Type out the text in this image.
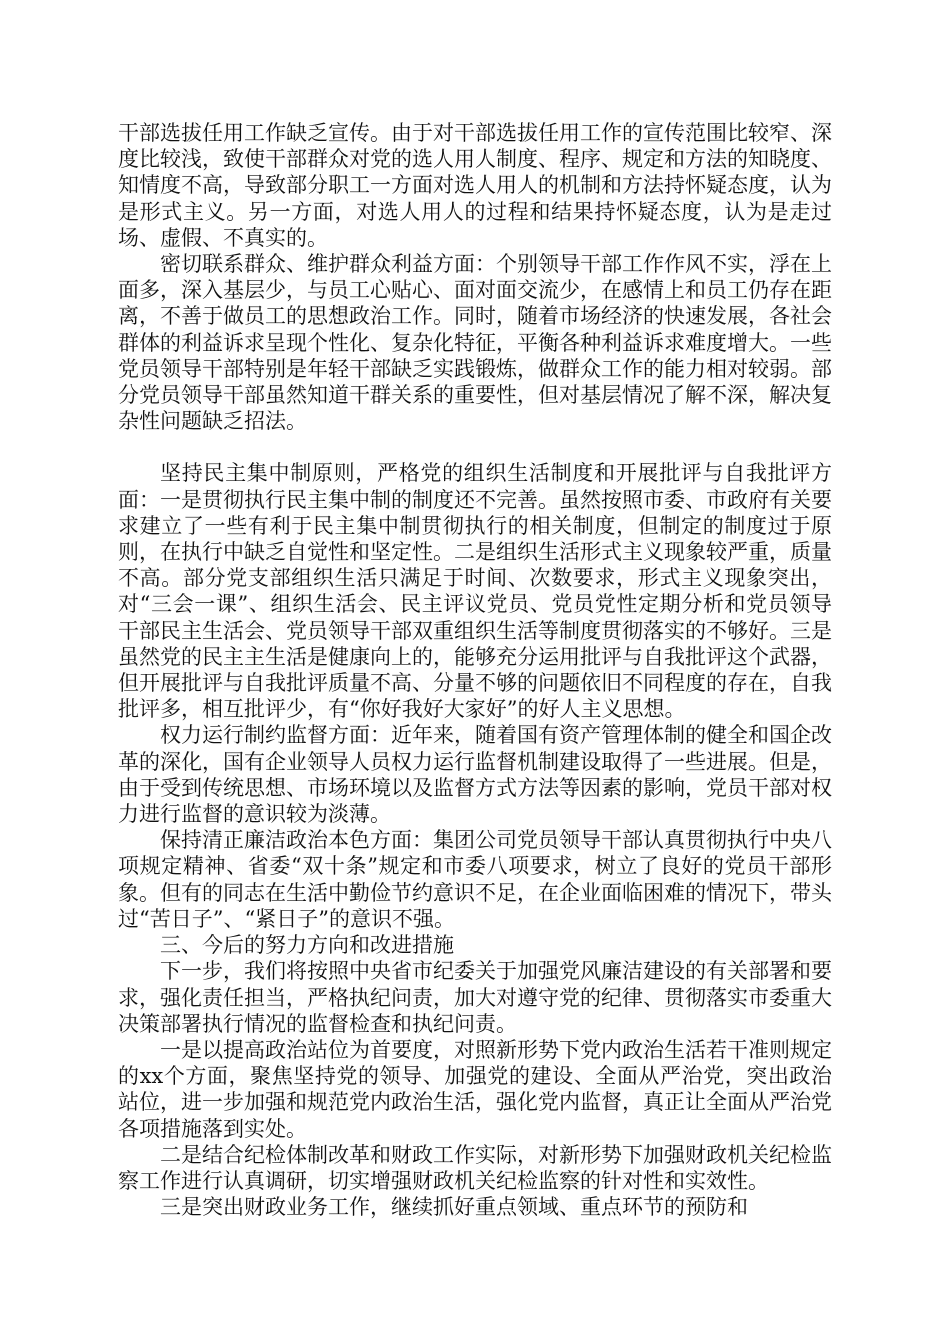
干部选拔任用工作缺乏宣传。由于对干部选拔任用工作的宣传范围比较窄、深度比较浅，致使干部群众对党的选人用人制度、程序、规定和方法的知晓度、知情度不高，导致部分职工一方面对选人用人的机制和方法持怀疑态度，认为是形式主义。另一方面，对选人用人的过程和结果持怀疑态度，认为是走过场、虚假、不真实的。

密切联系群众、维护群众利益方面：个别领导干部工作作风不实，浮在上面多，深入基层少，与员工心贴心、面对面交流少，在感情上和员工仍存在距离，不善于做员工的思想政治工作。同时，随着市场经济的快速发展，各社会群体的利益诉求呈现个性化、复杂化特征，平衡各种利益诉求难度增大。一些党员领导干部特别是年轻干部缺乏实践锻炼，做群众工作的能力相对较弱。部分党员领导干部虽然知道干群关系的重要性，但对基层情况了解不深，解决复杂性问题缺乏招法。

坚持民主集中制原则，严格党的组织生活制度和开展批评与自我批评方面：一是贯彻执行民主集中制的制度还不完善。虽然按照市委、市政府有关要求建立了一些有利于民主集中制贯彻执行的相关制度，但制定的制度过于原则，在执行中缺乏自觉性和坚定性。二是组织生活形式主义现象较严重，质量不高。部分党支部组织生活只满足于时间、次数要求，形式主义现象突出，对“三会一课”、组织生活会、民主评议党员、党员党性定期分析和党员领导干部民主生活会、党员领导干部双重组织生活等制度贯彻落实的不够好。三是虽然党的民主主生活是健康向上的，能够充分运用批评与自我批评这个武器，但开展批评与自我批评质量不高、分量不够的问题依旧不同程度的存在，自我批评多，相互批评少，有“你好我好大家好”的好人主义思想。

权力运行制约监督方面：近年来，随着国有资产管理体制的健全和国企改革的深化，国有企业领导人员权力运行监督机制建设取得了一些进展。但是，由于受到传统思想、市场环境以及监督方式方法等因素的影响，党员干部对权力进行监督的意识较为淡薄。

保持清正廉洁政治本色方面：集团公司党员领导干部认真贯彻执行中央八项规定精神、省委“双十条”规定和市委八项要求，树立了良好的党员干部形象。但有的同志在生活中勤俭节约意识不足，在企业面临困难的情况下，带头过“苦日子”、“紧日子”的意识不强。

三、今后的努力方向和改进措施

下一步，我们将按照中央省市纪委关于加强党风廉洁建设的有关部署和要求，强化责任担当，严格执纪问责，加大对遵守党的纪律、贯彻落实市委重大决策部署执行情况的监督检查和执纪问责。

一是以提高政治站位为首要度，对照新形势下党内政治生活若干准则规定的xx个方面，聚焦坚持党的领导、加强党的建设、全面从严治党，突出政治站位，进一步加强和规范党内政治生活，强化党内监督，真正让全面从严治党各项措施落到实处。

二是结合纪检体制改革和财政工作实际，对新形势下加强财政机关纪检监察工作进行认真调研，切实增强财政机关纪检监察的针对性和实效性。

三是突出财政业务工作，继续抓好重点领域、重点环节的预防和
